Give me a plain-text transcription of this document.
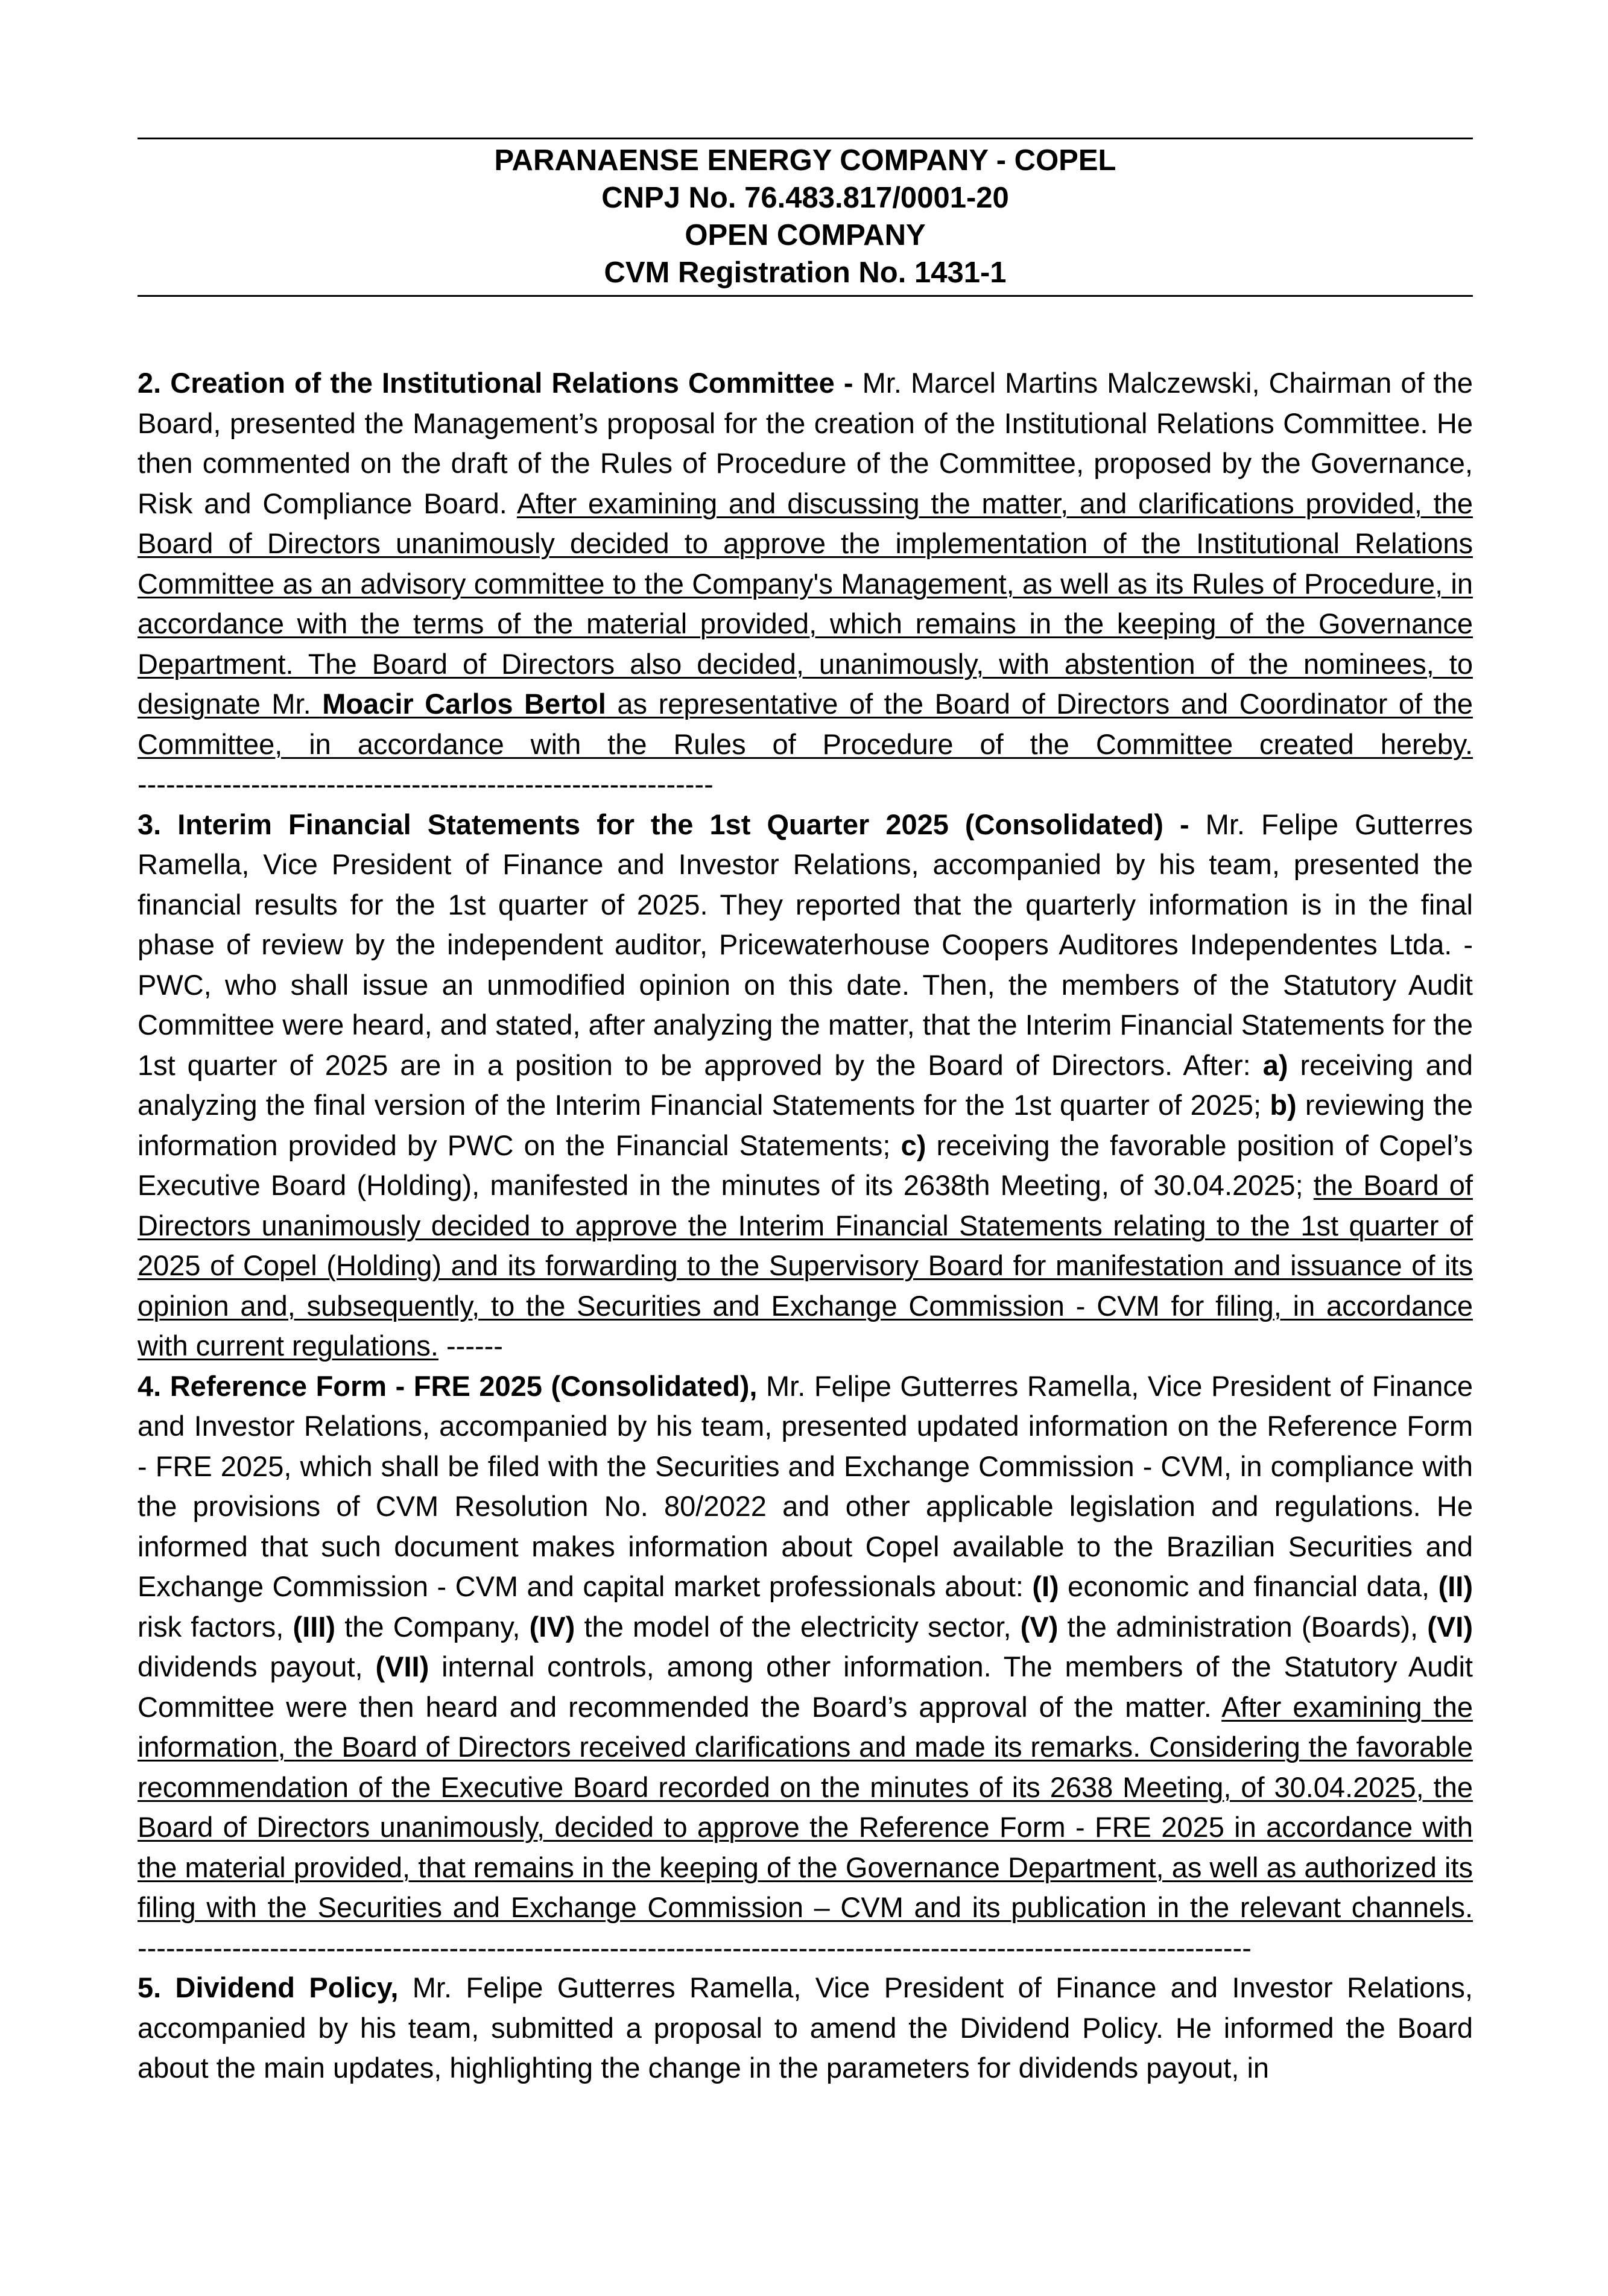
PARANAENSE ENERGY COMPANY - COPEL
CNPJ No. 76.483.817/0001-20
OPEN COMPANY
CVM Registration No. 1431-1

2. Creation of the Institutional Relations Committee - Mr. Marcel Martins Malczewski, Chairman of the Board, presented the Management’s proposal for the creation of the Institutional Relations Committee. He then commented on the draft of the Rules of Procedure of the Committee, proposed by the Governance, Risk and Compliance Board. After examining and discussing the matter, and clarifications provided, the Board of Directors unanimously decided to approve the implementation of the Institutional Relations Committee as an advisory committee to the Company's Management, as well as its Rules of Procedure, in accordance with the terms of the material provided, which remains in the keeping of the Governance Department. The Board of Directors also decided, unanimously, with abstention of the nominees, to designate Mr. Moacir Carlos Bertol as representative of the Board of Directors and Coordinator of the Committee, in accordance with the Rules of Procedure of the Committee created hereby. -------------------------------------------------------------

3. Interim Financial Statements for the 1st Quarter 2025 (Consolidated) - Mr. Felipe Gutterres Ramella, Vice President of Finance and Investor Relations, accompanied by his team, presented the financial results for the 1st quarter of 2025. They reported that the quarterly information is in the final phase of review by the independent auditor, Pricewaterhouse Coopers Auditores Independentes Ltda. - PWC, who shall issue an unmodified opinion on this date. Then, the members of the Statutory Audit Committee were heard, and stated, after analyzing the matter, that the Interim Financial Statements for the 1st quarter of 2025 are in a position to be approved by the Board of Directors. After: a) receiving and analyzing the final version of the Interim Financial Statements for the 1st quarter of 2025; b) reviewing the information provided by PWC on the Financial Statements; c) receiving the favorable position of Copel’s Executive Board (Holding), manifested in the minutes of its 2638th Meeting, of 30.04.2025; the Board of Directors unanimously decided to approve the Interim Financial Statements relating to the 1st quarter of 2025 of Copel (Holding) and its forwarding to the Supervisory Board for manifestation and issuance of its opinion and, subsequently, to the Securities and Exchange Commission - CVM for filing, in accordance with current regulations. ------

4. Reference Form - FRE 2025 (Consolidated), Mr. Felipe Gutterres Ramella, Vice President of Finance and Investor Relations, accompanied by his team, presented updated information on the Reference Form - FRE 2025, which shall be filed with the Securities and Exchange Commission - CVM, in compliance with the provisions of CVM Resolution No. 80/2022 and other applicable legislation and regulations. He informed that such document makes information about Copel available to the Brazilian Securities and Exchange Commission - CVM and capital market professionals about: (I) economic and financial data, (II) risk factors, (III) the Company, (IV) the model of the electricity sector, (V) the administration (Boards), (VI) dividends payout, (VII) internal controls, among other information. The members of the Statutory Audit Committee were then heard and recommended the Board’s approval of the matter. After examining the information, the Board of Directors received clarifications and made its remarks. Considering the favorable recommendation of the Executive Board recorded on the minutes of its 2638 Meeting, of 30.04.2025, the Board of Directors unanimously, decided to approve the Reference Form - FRE 2025 in accordance with the material provided, that remains in the keeping of the Governance Department, as well as authorized its filing with the Securities and Exchange Commission – CVM and its publication in the relevant channels. ----------------------------------------------------------------------------------------------------------------------

5. Dividend Policy, Mr. Felipe Gutterres Ramella, Vice President of Finance and Investor Relations, accompanied by his team, submitted a proposal to amend the Dividend Policy. He informed the Board about the main updates, highlighting the change in the parameters for dividends payout, in
